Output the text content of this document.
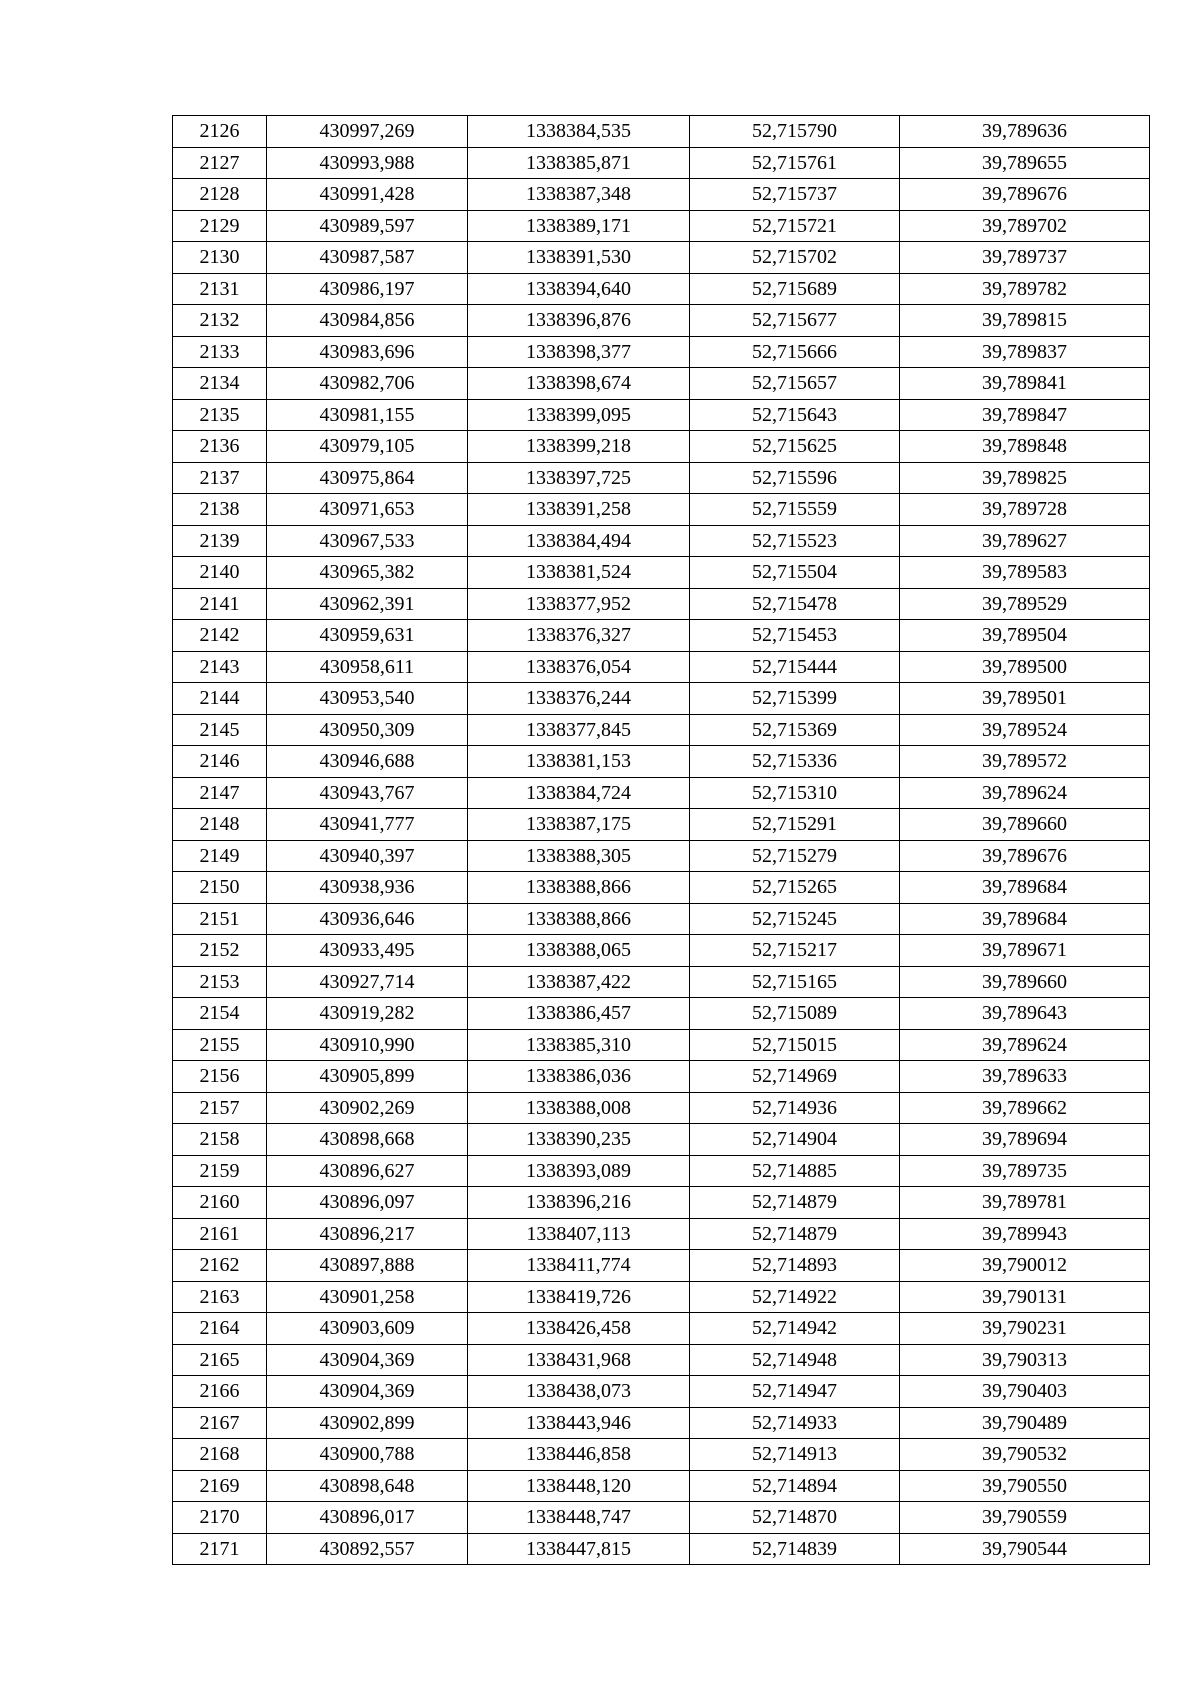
2126	430997,269	1338384,535	52,715790	39,789636
2127	430993,988	1338385,871	52,715761	39,789655
2128	430991,428	1338387,348	52,715737	39,789676
2129	430989,597	1338389,171	52,715721	39,789702
2130	430987,587	1338391,530	52,715702	39,789737
2131	430986,197	1338394,640	52,715689	39,789782
2132	430984,856	1338396,876	52,715677	39,789815
2133	430983,696	1338398,377	52,715666	39,789837
2134	430982,706	1338398,674	52,715657	39,789841
2135	430981,155	1338399,095	52,715643	39,789847
2136	430979,105	1338399,218	52,715625	39,789848
2137	430975,864	1338397,725	52,715596	39,789825
2138	430971,653	1338391,258	52,715559	39,789728
2139	430967,533	1338384,494	52,715523	39,789627
2140	430965,382	1338381,524	52,715504	39,789583
2141	430962,391	1338377,952	52,715478	39,789529
2142	430959,631	1338376,327	52,715453	39,789504
2143	430958,611	1338376,054	52,715444	39,789500
2144	430953,540	1338376,244	52,715399	39,789501
2145	430950,309	1338377,845	52,715369	39,789524
2146	430946,688	1338381,153	52,715336	39,789572
2147	430943,767	1338384,724	52,715310	39,789624
2148	430941,777	1338387,175	52,715291	39,789660
2149	430940,397	1338388,305	52,715279	39,789676
2150	430938,936	1338388,866	52,715265	39,789684
2151	430936,646	1338388,866	52,715245	39,789684
2152	430933,495	1338388,065	52,715217	39,789671
2153	430927,714	1338387,422	52,715165	39,789660
2154	430919,282	1338386,457	52,715089	39,789643
2155	430910,990	1338385,310	52,715015	39,789624
2156	430905,899	1338386,036	52,714969	39,789633
2157	430902,269	1338388,008	52,714936	39,789662
2158	430898,668	1338390,235	52,714904	39,789694
2159	430896,627	1338393,089	52,714885	39,789735
2160	430896,097	1338396,216	52,714879	39,789781
2161	430896,217	1338407,113	52,714879	39,789943
2162	430897,888	1338411,774	52,714893	39,790012
2163	430901,258	1338419,726	52,714922	39,790131
2164	430903,609	1338426,458	52,714942	39,790231
2165	430904,369	1338431,968	52,714948	39,790313
2166	430904,369	1338438,073	52,714947	39,790403
2167	430902,899	1338443,946	52,714933	39,790489
2168	430900,788	1338446,858	52,714913	39,790532
2169	430898,648	1338448,120	52,714894	39,790550
2170	430896,017	1338448,747	52,714870	39,790559
2171	430892,557	1338447,815	52,714839	39,790544
